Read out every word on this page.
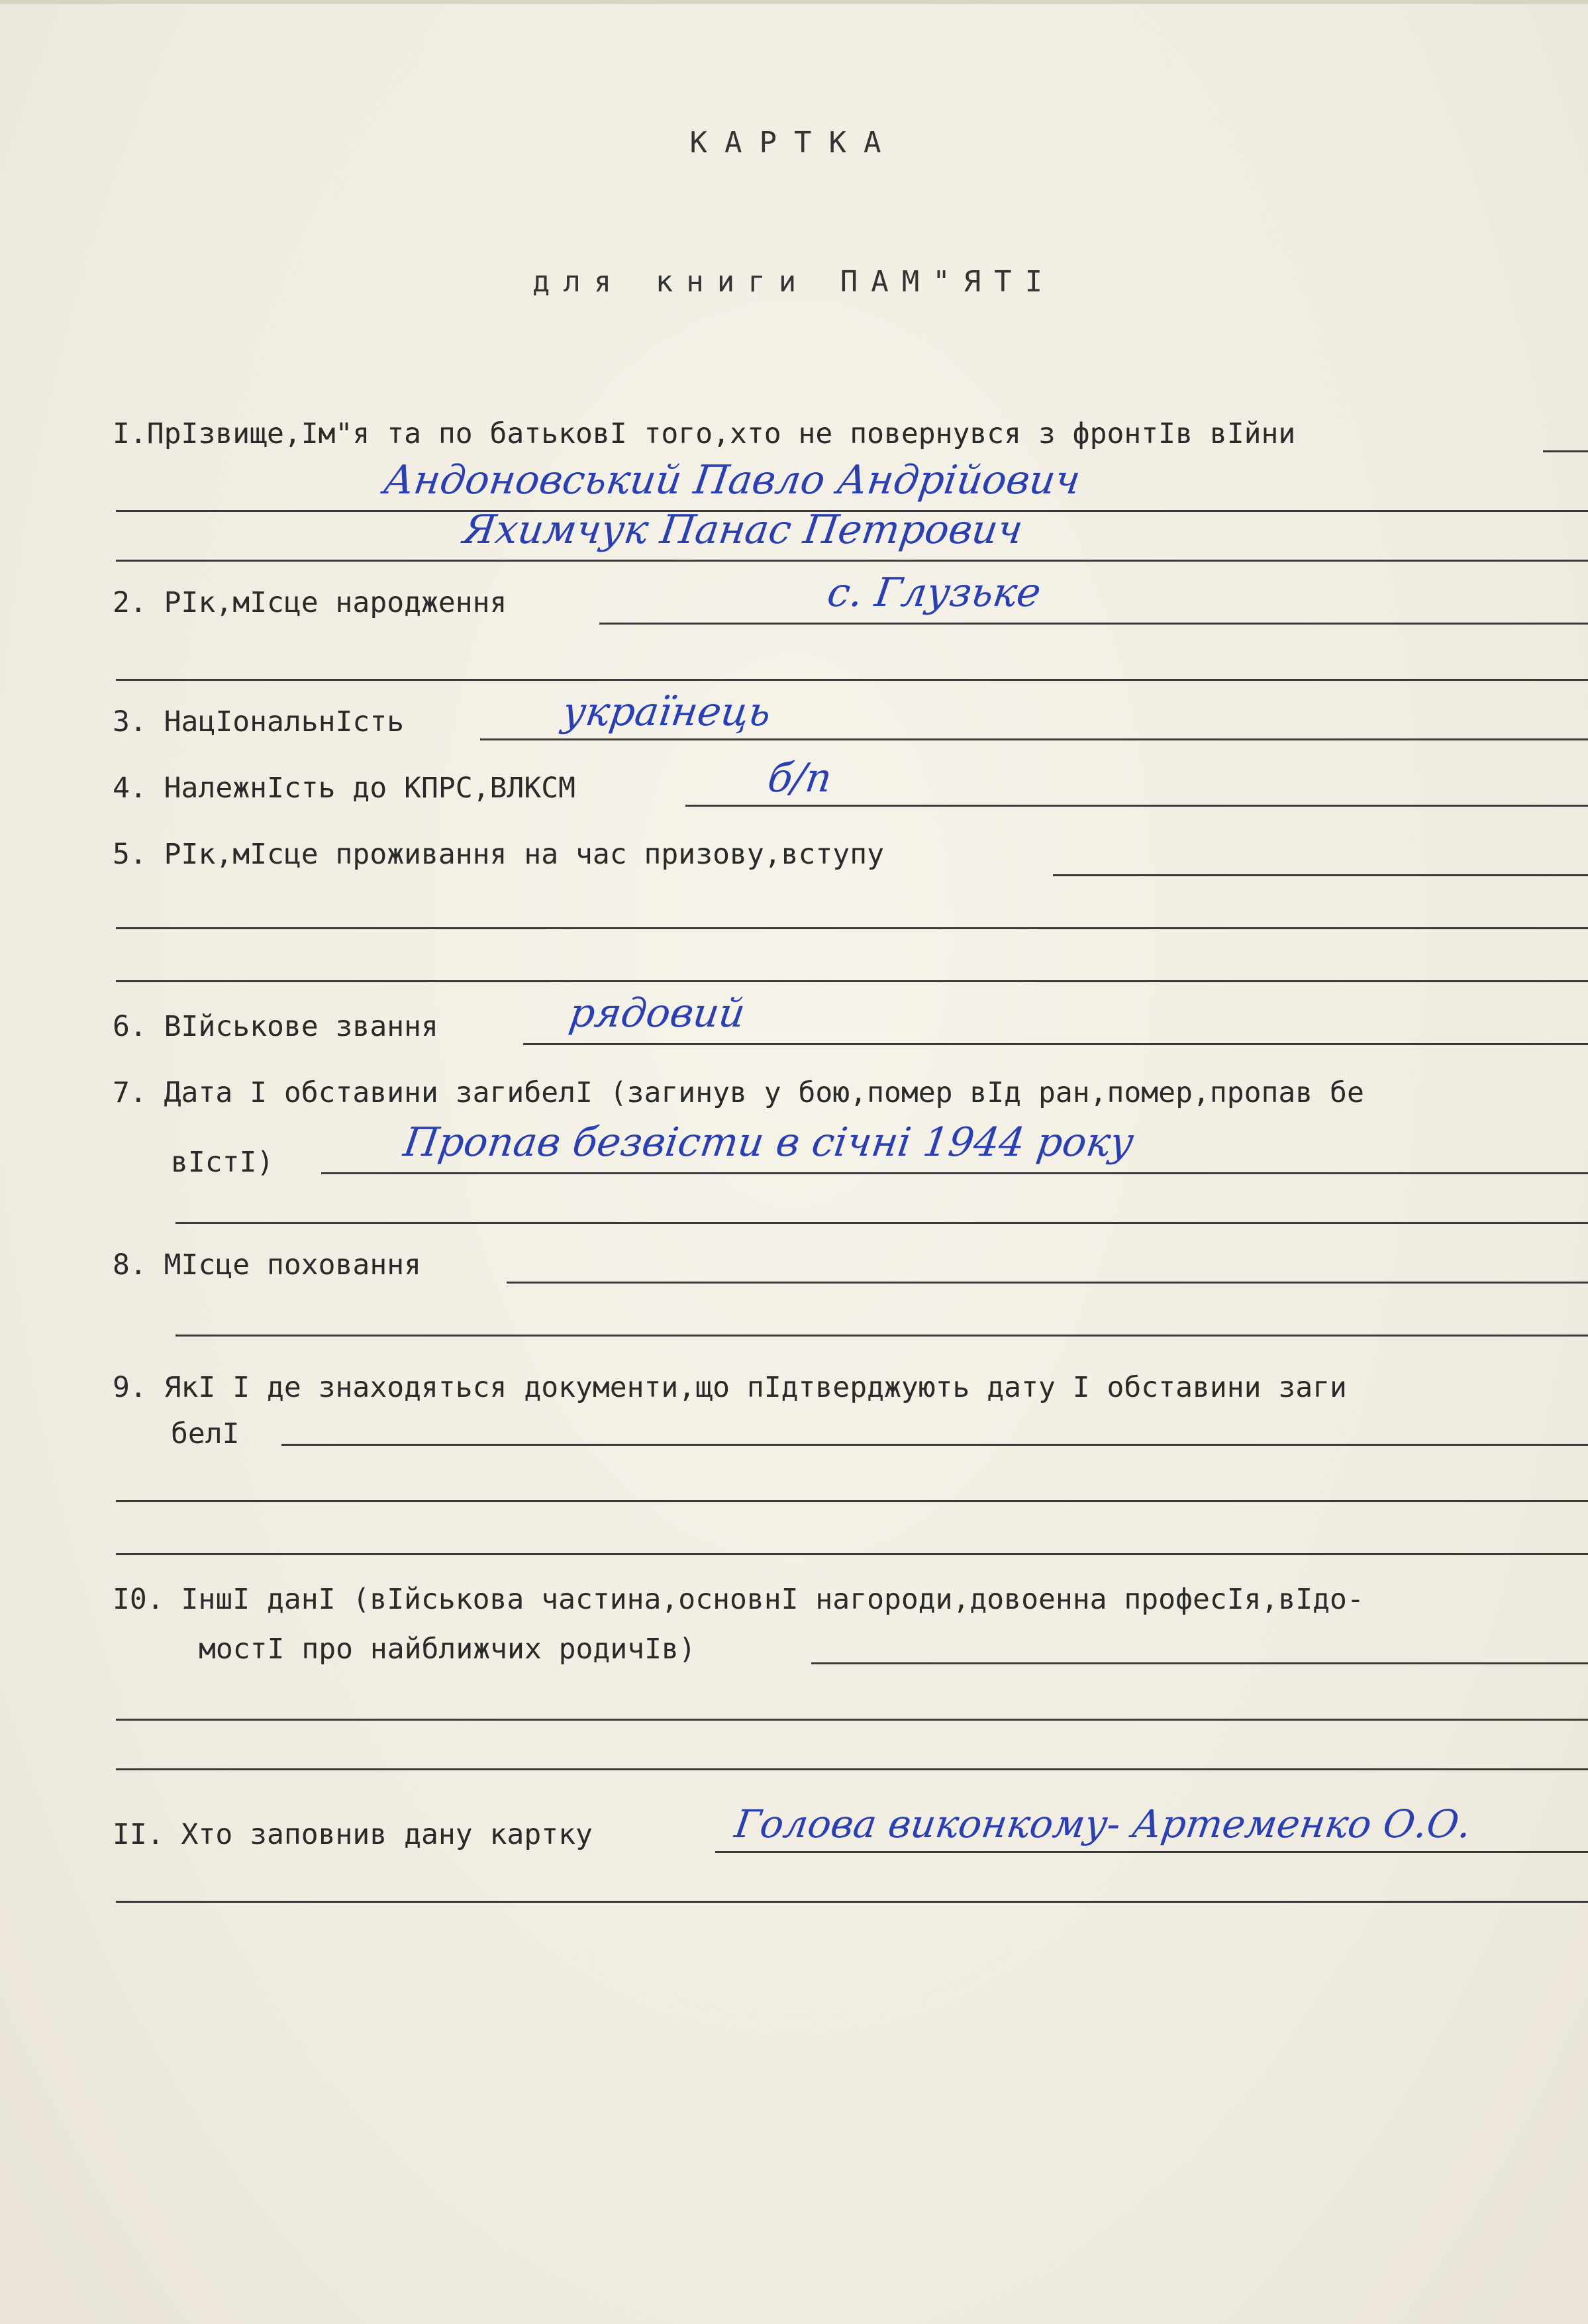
КАРТКА
для книги ПАМ"ЯТІ
І.ПрІзвище,Ім"я та по батьковІ того,хто не повернувся з фронтІв вІйни
Андоновський Павло Андрійович
Яхимчук Панас Петрович
2. РІк,мІсце народження	с. Глузьке
3. НацІональнІсть	українець
4. НалежнІсть до КПРС,ВЛКСМ	б/п
5. РІк,мІсце проживання на час призову,вступу
6. ВІйськове звання	рядовий
7. Дата І обставини загибелІ (загинув у бою,помер вІд ран,помер,пропав бе
вІстІ)	Пропав безвісти в січні 1944 року
8. МІсце поховання
9. ЯкІ І де знаходяться документи,що пІдтверджують дату І обставини заги
белІ
І0. ІншІ данІ (вІйськова частина,основнІ нагороди,довоенна професІя,вІдо-
мостІ про найближчих родичІв)
ІІ. Хто заповнив дану картку	Голова виконкому- Артеменко О.О.
